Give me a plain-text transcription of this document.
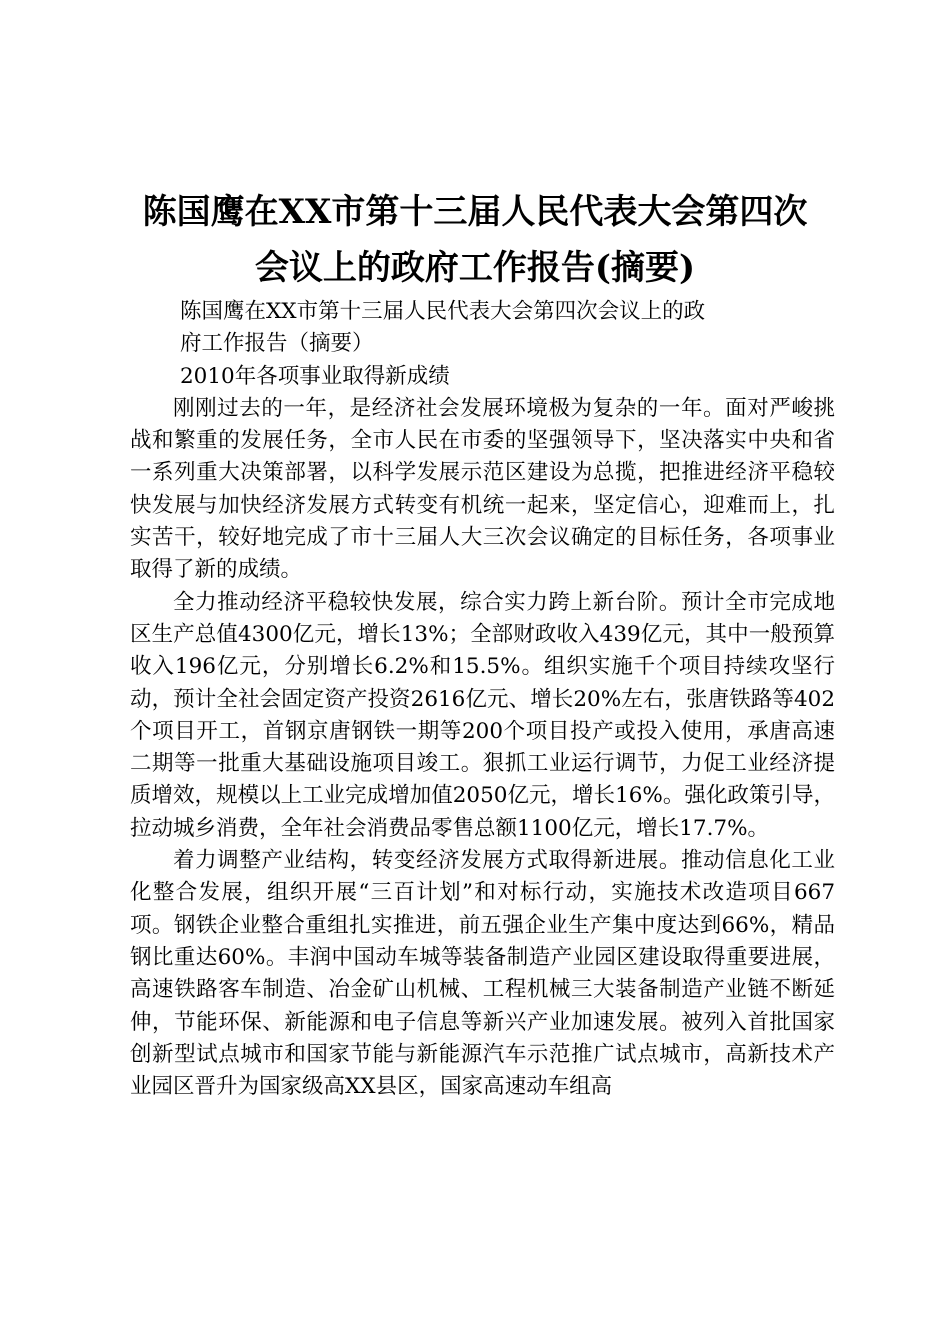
陈国鹰在XX市第十三届人民代表大会第四次
会议上的政府工作报告(摘要)

陈国鹰在XX市第十三届人民代表大会第四次会议上的政
府工作报告（摘要）

2010年各项事业取得新成绩

刚刚过去的一年，是经济社会发展环境极为复杂的一年。面对严峻挑战和繁重的发展任务，全市人民在市委的坚强领导下，坚决落实中央和省一系列重大决策部署，以科学发展示范区建设为总揽，把推进经济平稳较快发展与加快经济发展方式转变有机统一起来，坚定信心，迎难而上，扎实苦干，较好地完成了市十三届人大三次会议确定的目标任务，各项事业取得了新的成绩。

全力推动经济平稳较快发展，综合实力跨上新台阶。预计全市完成地区生产总值4300亿元，增长13%；全部财政收入439亿元，其中一般预算收入196亿元，分别增长6.2%和15.5%。组织实施千个项目持续攻坚行动，预计全社会固定资产投资2616亿元、增长20%左右，张唐铁路等402个项目开工，首钢京唐钢铁一期等200个项目投产或投入使用，承唐高速二期等一批重大基础设施项目竣工。狠抓工业运行调节，力促工业经济提质增效，规模以上工业完成增加值2050亿元，增长16%。强化政策引导，拉动城乡消费，全年社会消费品零售总额1100亿元，增长17.7%。

着力调整产业结构，转变经济发展方式取得新进展。推动信息化工业化整合发展，组织开展“三百计划”和对标行动，实施技术改造项目667项。钢铁企业整合重组扎实推进，前五强企业生产集中度达到66%，精品钢比重达60%。丰润中国动车城等装备制造产业园区建设取得重要进展，高速铁路客车制造、冶金矿山机械、工程机械三大装备制造产业链不断延伸，节能环保、新能源和电子信息等新兴产业加速发展。被列入首批国家创新型试点城市和国家节能与新能源汽车示范推广试点城市，高新技术产业园区晋升为国家级高XX县区，国家高速动车组高
